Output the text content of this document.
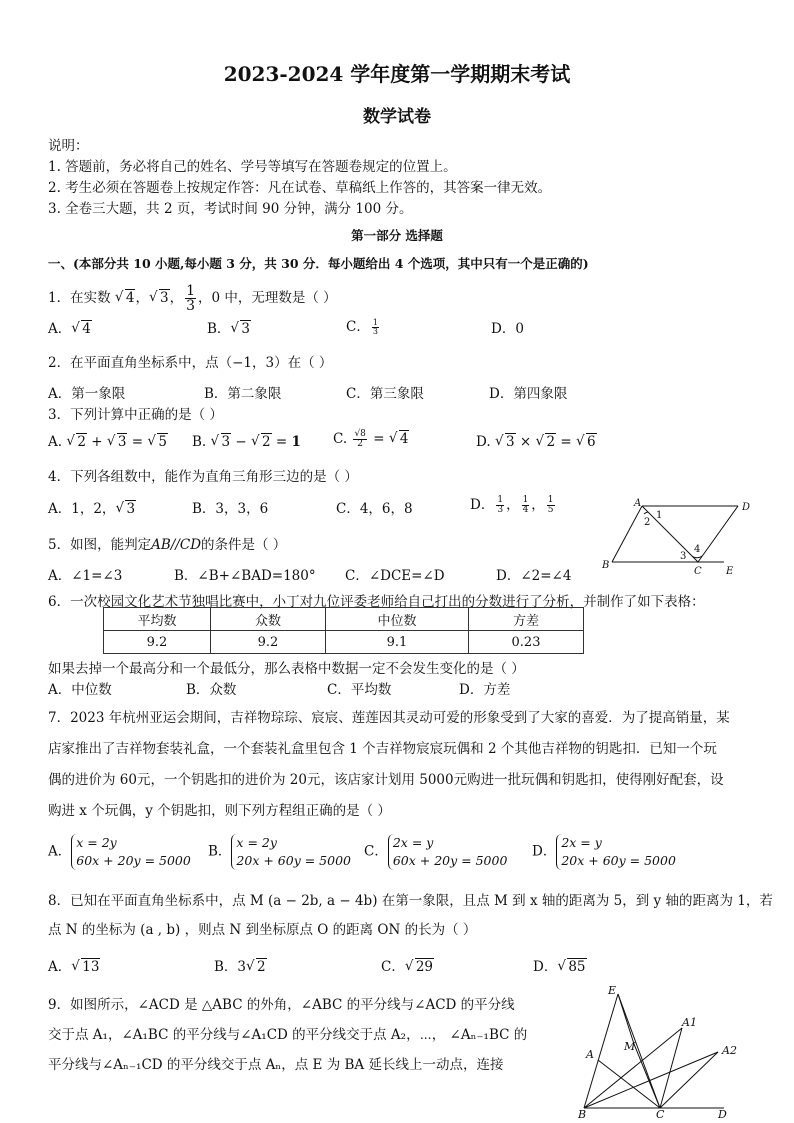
2023-2024 学年度第一学期期末考试
数学试卷
说明：
1. 答题前，务必将自己的姓名、学号等填写在答题卷规定的位置上。
2. 考生必须在答题卷上按规定作答：凡在试卷、草稿纸上作答的，其答案一律无效。
3. 全卷三大题，共 2 页，考试时间 90 分钟，满分 100 分。
第一部分 选择题
一、(本部分共 10 小题,每小题 3 分，共 30 分．每小题给出 4 个选项，其中只有一个是正确的)
1．在实数 √ 4， √ 3， $\frac{1}{3}$ ，0 中，无理数是（ ）
A． √ 4	B． √ 3	C． $\frac{1}{3}$	D．0
2．在平面直角坐标系中，点（−1，3）在（ ）
A．第一象限	B．第二象限	C．第三象限	D．第四象限
3．下列计算中正确的是（ ）
A. √ 2 + √ 3 = √ 5 B. √ 3 − √ 2 = 1 C. $\frac{√8}{2}$ = √ 4	D. √ 3 × √ 2 = √ 6
4．下列各组数中，能作为直角三角形三边的是（ ）
A．1，2， √ 3	B．3，3，6	C．4，6，8	D． $\frac{1}{3}$ ， $\frac{1}{4}$ ， $\frac{1}{5}$
5．如图，能判定AB//CD的条件是（ ）
A．∠1=∠3	B．∠B+∠BAD=180° C．∠DCE=∠D	D．∠2=∠4
A	D
B
C E
1
2
3
4
6．一次校园文化艺术节独唱比赛中，小丁对九位评委老师给自己打出的分数进行了分析，并制作了如下表格：
平均数	众数	中位数	方差
9.2	9.2	9.1	0.23
如果去掉一个最高分和一个最低分，那么表格中数据一定不会发生变化的是（ ）
A．中位数	B．众数	C．平均数	D．方差
7．2023 年杭州亚运会期间，吉祥物琮琮、宸宸、莲莲因其灵动可爱的形象受到了大家的喜爱．为了提高销量，某
店家推出了吉祥物套装礼盒，一个套装礼盒里包含 1 个吉祥物宸宸玩偶和 2 个其他吉祥物的钥匙扣．已知一个玩
偶的进价为 60元，一个钥匙扣的进价为 20元，该店家计划用 5000元购进一批玩偶和钥匙扣，使得刚好配套，设
购进 x 个玩偶，y 个钥匙扣，则下列方程组正确的是（ ）
A．x = 2y
60x + 20y = 5000
B．x = 2y
20x + 60y = 5000
C．2x = y
60x + 20y = 5000
D．2x = y
20x + 60y = 5000
8．已知在平面直角坐标系中，点 M (a − 2b, a − 4b) 在第一象限，且点 M 到 x 轴的距离为 5，到 y 轴的距离为 1，若
点 N 的坐标为 (a , b) ，则点 N 到坐标原点 O 的距离 ON 的长为（ ）
A． √ 13	B．3 √ 2	C． √ 29	D． √ 85
9．如图所示，∠ACD 是 △ABC 的外角，∠ABC 的平分线与∠ACD 的平分线
交于点 A₁，∠A₁BC 的平分线与∠A₁CD 的平分线交于点 A₂，⋯， ∠Aₙ₋₁BC 的
平分线与∠Aₙ₋₁CD 的平分线交于点 Aₙ，点 E 为 BA 延长线上一动点，连接
E
A
M
A1
A2
B	C	D
